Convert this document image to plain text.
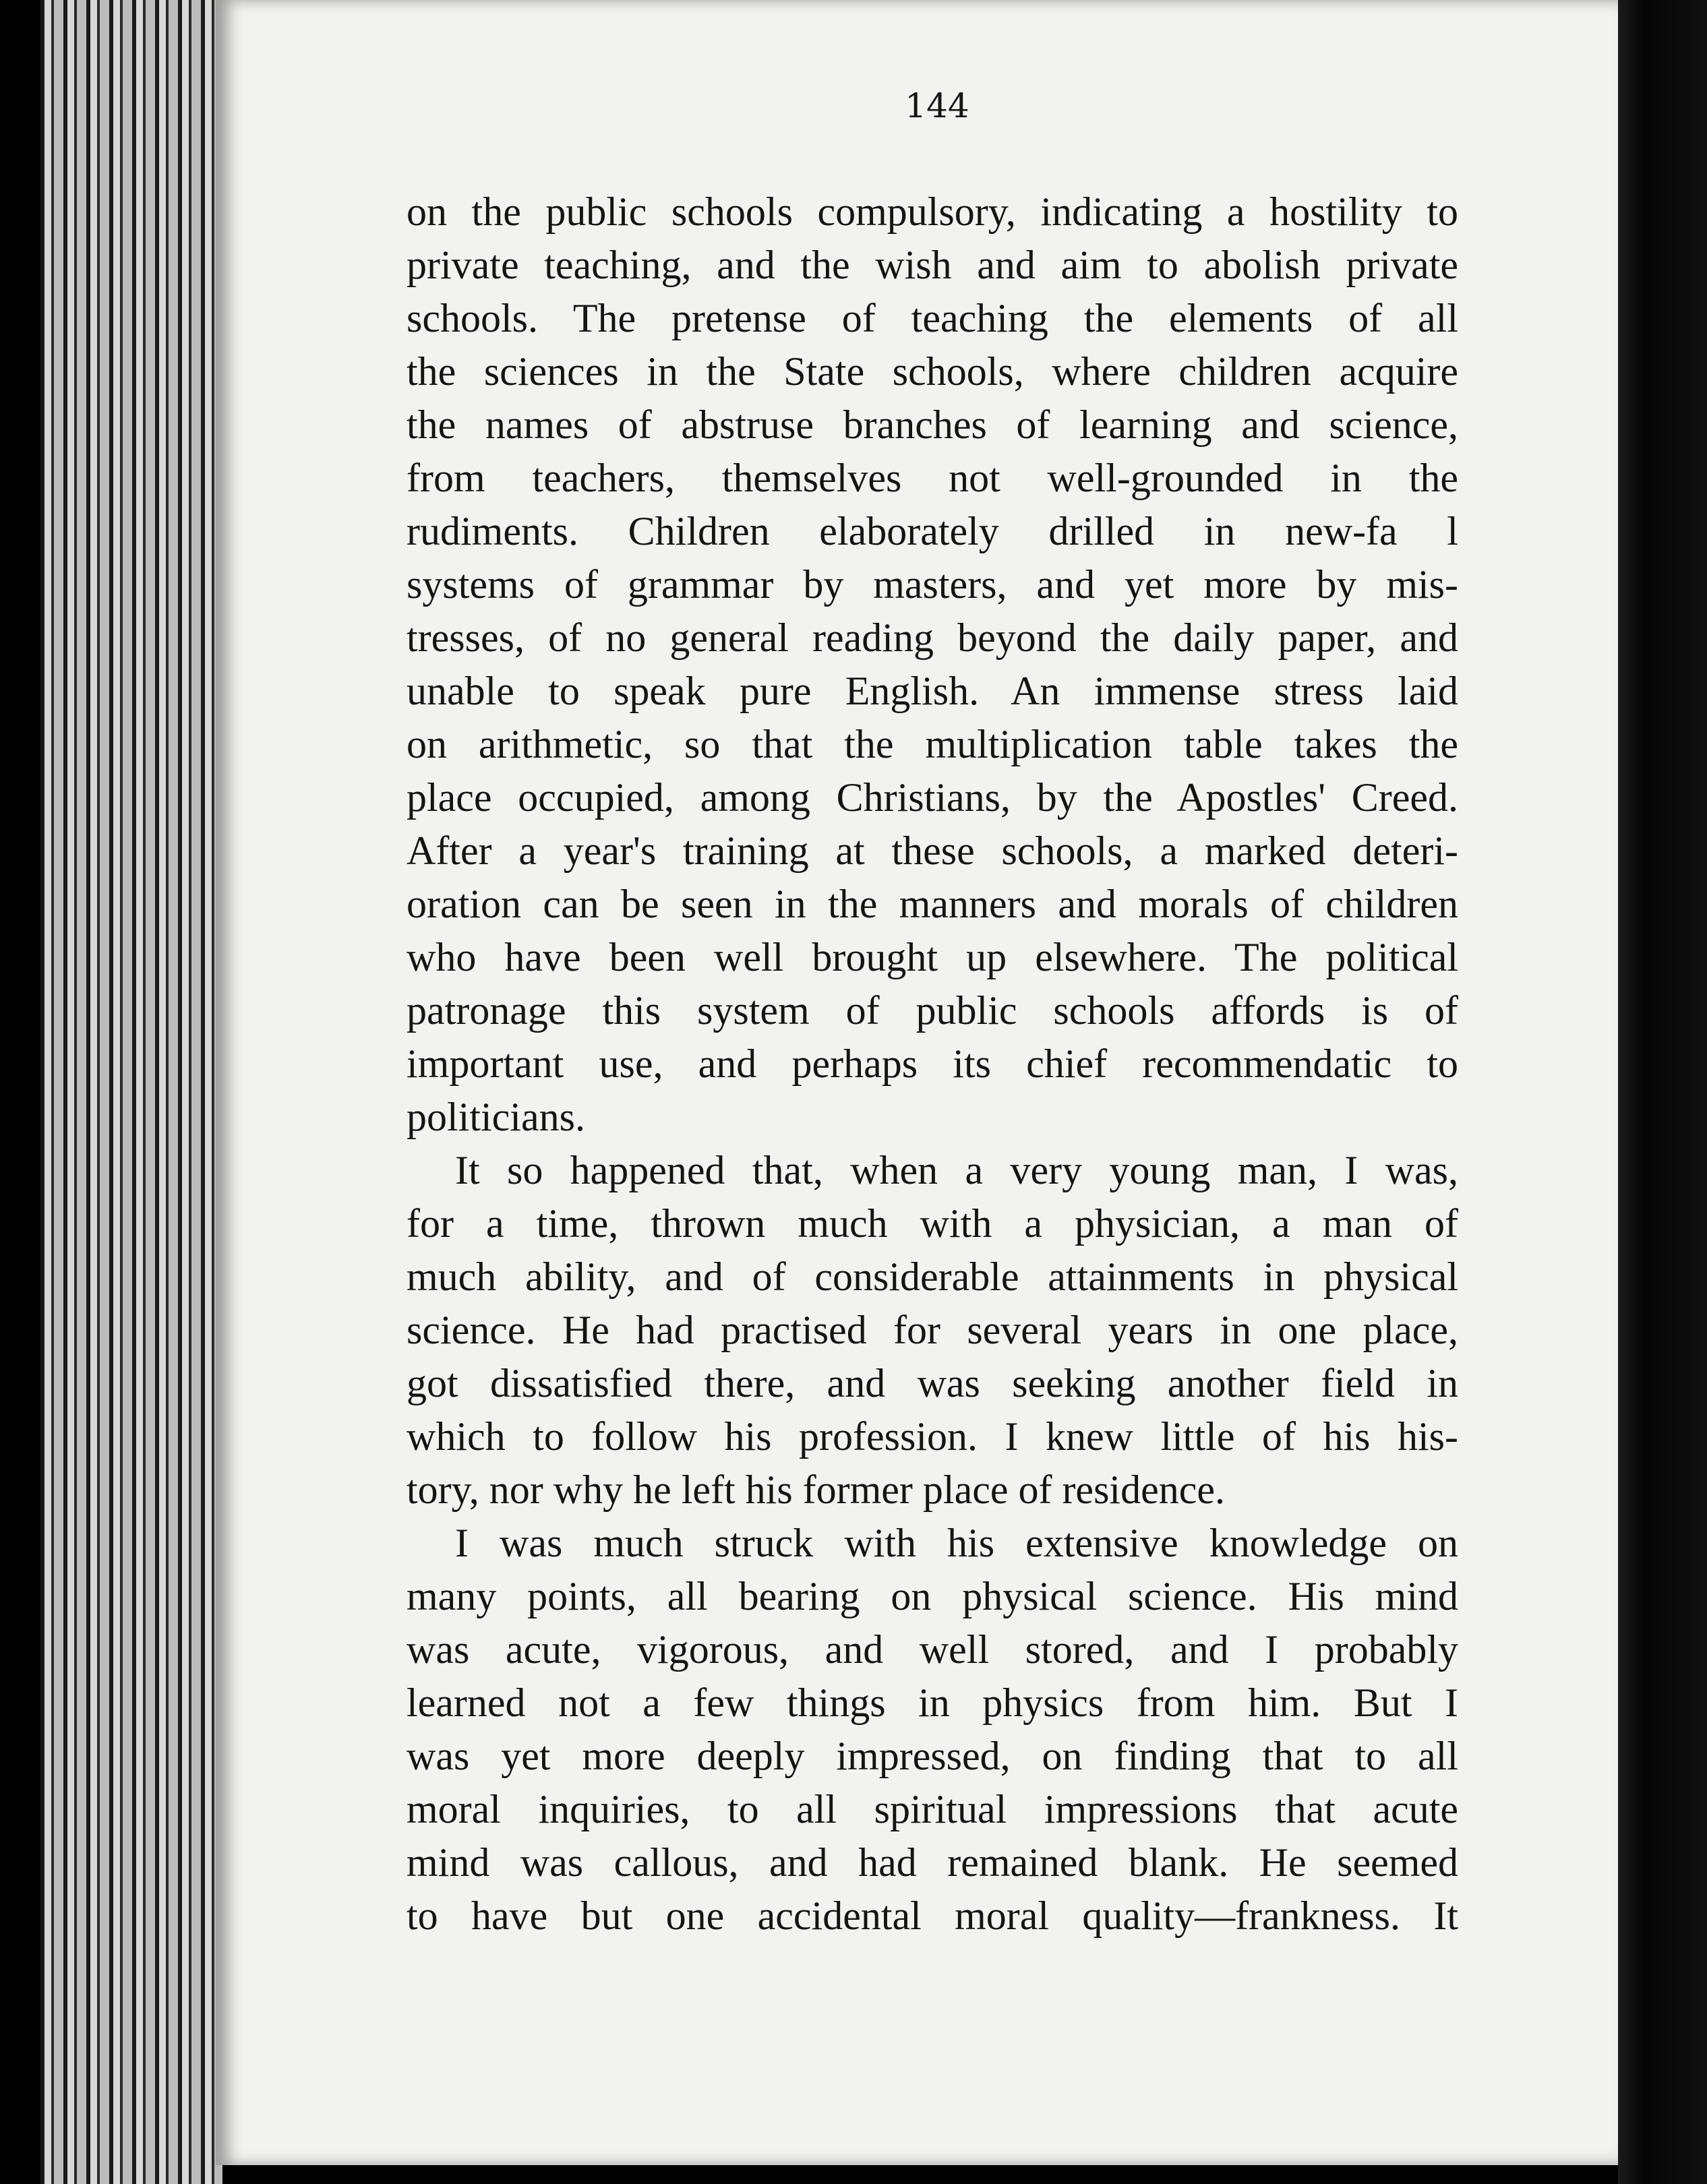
144
on the public schools compulsory, indicating a hostility to
private teaching, and the wish and aim to abolish private
schools. The pretense of teaching the elements of all
the sciences in the State schools, where children acquire
the names of abstruse branches of learning and science,
from teachers, themselves not well-grounded in the
rudiments. Children elaborately drilled in new-fa l
systems of grammar by masters, and yet more by mis-
tresses, of no general reading beyond the daily paper, and
unable to speak pure English. An immense stress laid
on arithmetic, so that the multiplication table takes the
place occupied, among Christians, by the Apostles' Creed.
After a year's training at these schools, a marked deteri-
oration can be seen in the manners and morals of children
who have been well brought up elsewhere. The political
patronage this system of public schools affords is of
important use, and perhaps its chief recommendatic to
politicians.
It so happened that, when a very young man, I was,
for a time, thrown much with a physician, a man of
much ability, and of considerable attainments in physical
science. He had practised for several years in one place,
got dissatisfied there, and was seeking another field in
which to follow his profession. I knew little of his his-
tory, nor why he left his former place of residence.
I was much struck with his extensive knowledge on
many points, all bearing on physical science. His mind
was acute, vigorous, and well stored, and I probably
learned not a few things in physics from him. But I
was yet more deeply impressed, on finding that to all
moral inquiries, to all spiritual impressions that acute
mind was callous, and had remained blank. He seemed
to have but one accidental moral quality—frankness. It
